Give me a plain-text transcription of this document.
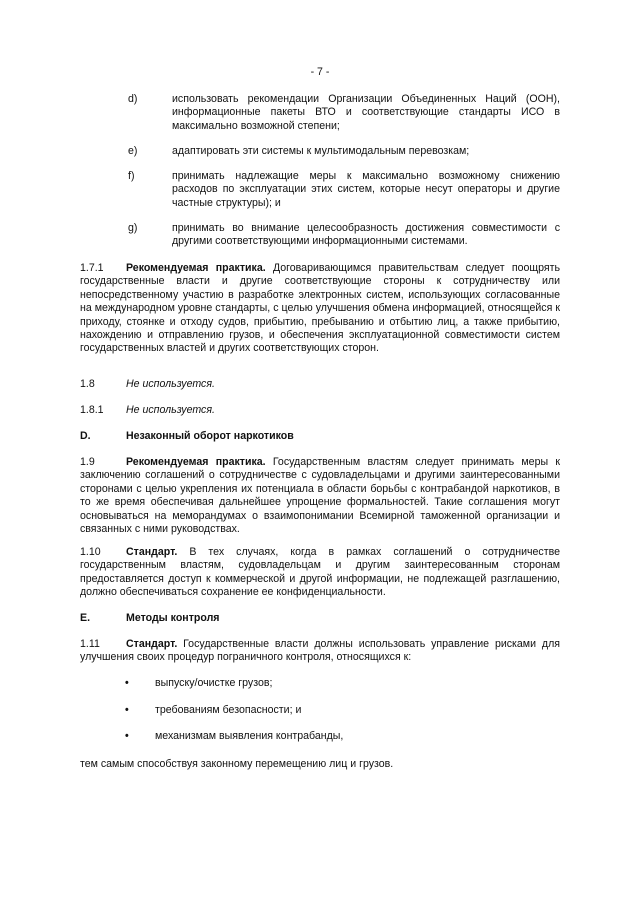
- 7 -
d)	использовать рекомендации Организации Объединенных Наций (ООН), информационные пакеты ВТО и соответствующие стандарты ИСО в максимально возможной степени;
e)	адаптировать эти системы к мультимодальным перевозкам;
f)	принимать надлежащие меры к максимально возможному снижению расходов по эксплуатации этих систем, которые несут операторы и другие частные структуры); и
g)	принимать во внимание целесообразность достижения совместимости с другими соответствующими информационными системами.
1.7.1 Рекомендуемая практика. Договаривающимся правительствам следует поощрять государственные власти и другие соответствующие стороны к сотрудничеству или непосредственному участию в разработке электронных систем, использующих согласованные на международном уровне стандарты, с целью улучшения обмена информацией, относящейся к приходу, стоянке и отходу судов, прибытию, пребыванию и отбытию лиц, а также прибытию, нахождению и отправлению грузов, и обеспечения эксплуатационной совместимости систем государственных властей и других соответствующих сторон.
1.8	Не используется.
1.8.1 Не используется.
D.	Незаконный оборот наркотиков
1.9	Рекомендуемая практика. Государственным властям следует принимать меры к заключению соглашений о сотрудничестве с судовладельцами и другими заинтересованными сторонами с целью укрепления их потенциала в области борьбы с контрабандой наркотиков, в то же время обеспечивая дальнейшее упрощение формальностей. Такие соглашения могут основываться на меморандумах о взаимопонимании Всемирной таможенной организации и связанных с ними руководствах.
1.10 Стандарт. В тех случаях, когда в рамках соглашений о сотрудничестве государственным властям, судовладельцам и другим заинтересованным сторонам предоставляется доступ к коммерческой и другой информации, не подлежащей разглашению, должно обеспечиваться сохранение ее конфиденциальности.
E.	Методы контроля
1.11 Стандарт. Государственные власти должны использовать управление рисками для улучшения своих процедур пограничного контроля, относящихся к:
• выпуску/очистке грузов;
• требованиям безопасности; и
• механизмам выявления контрабанды,
тем самым способствуя законному перемещению лиц и грузов.
